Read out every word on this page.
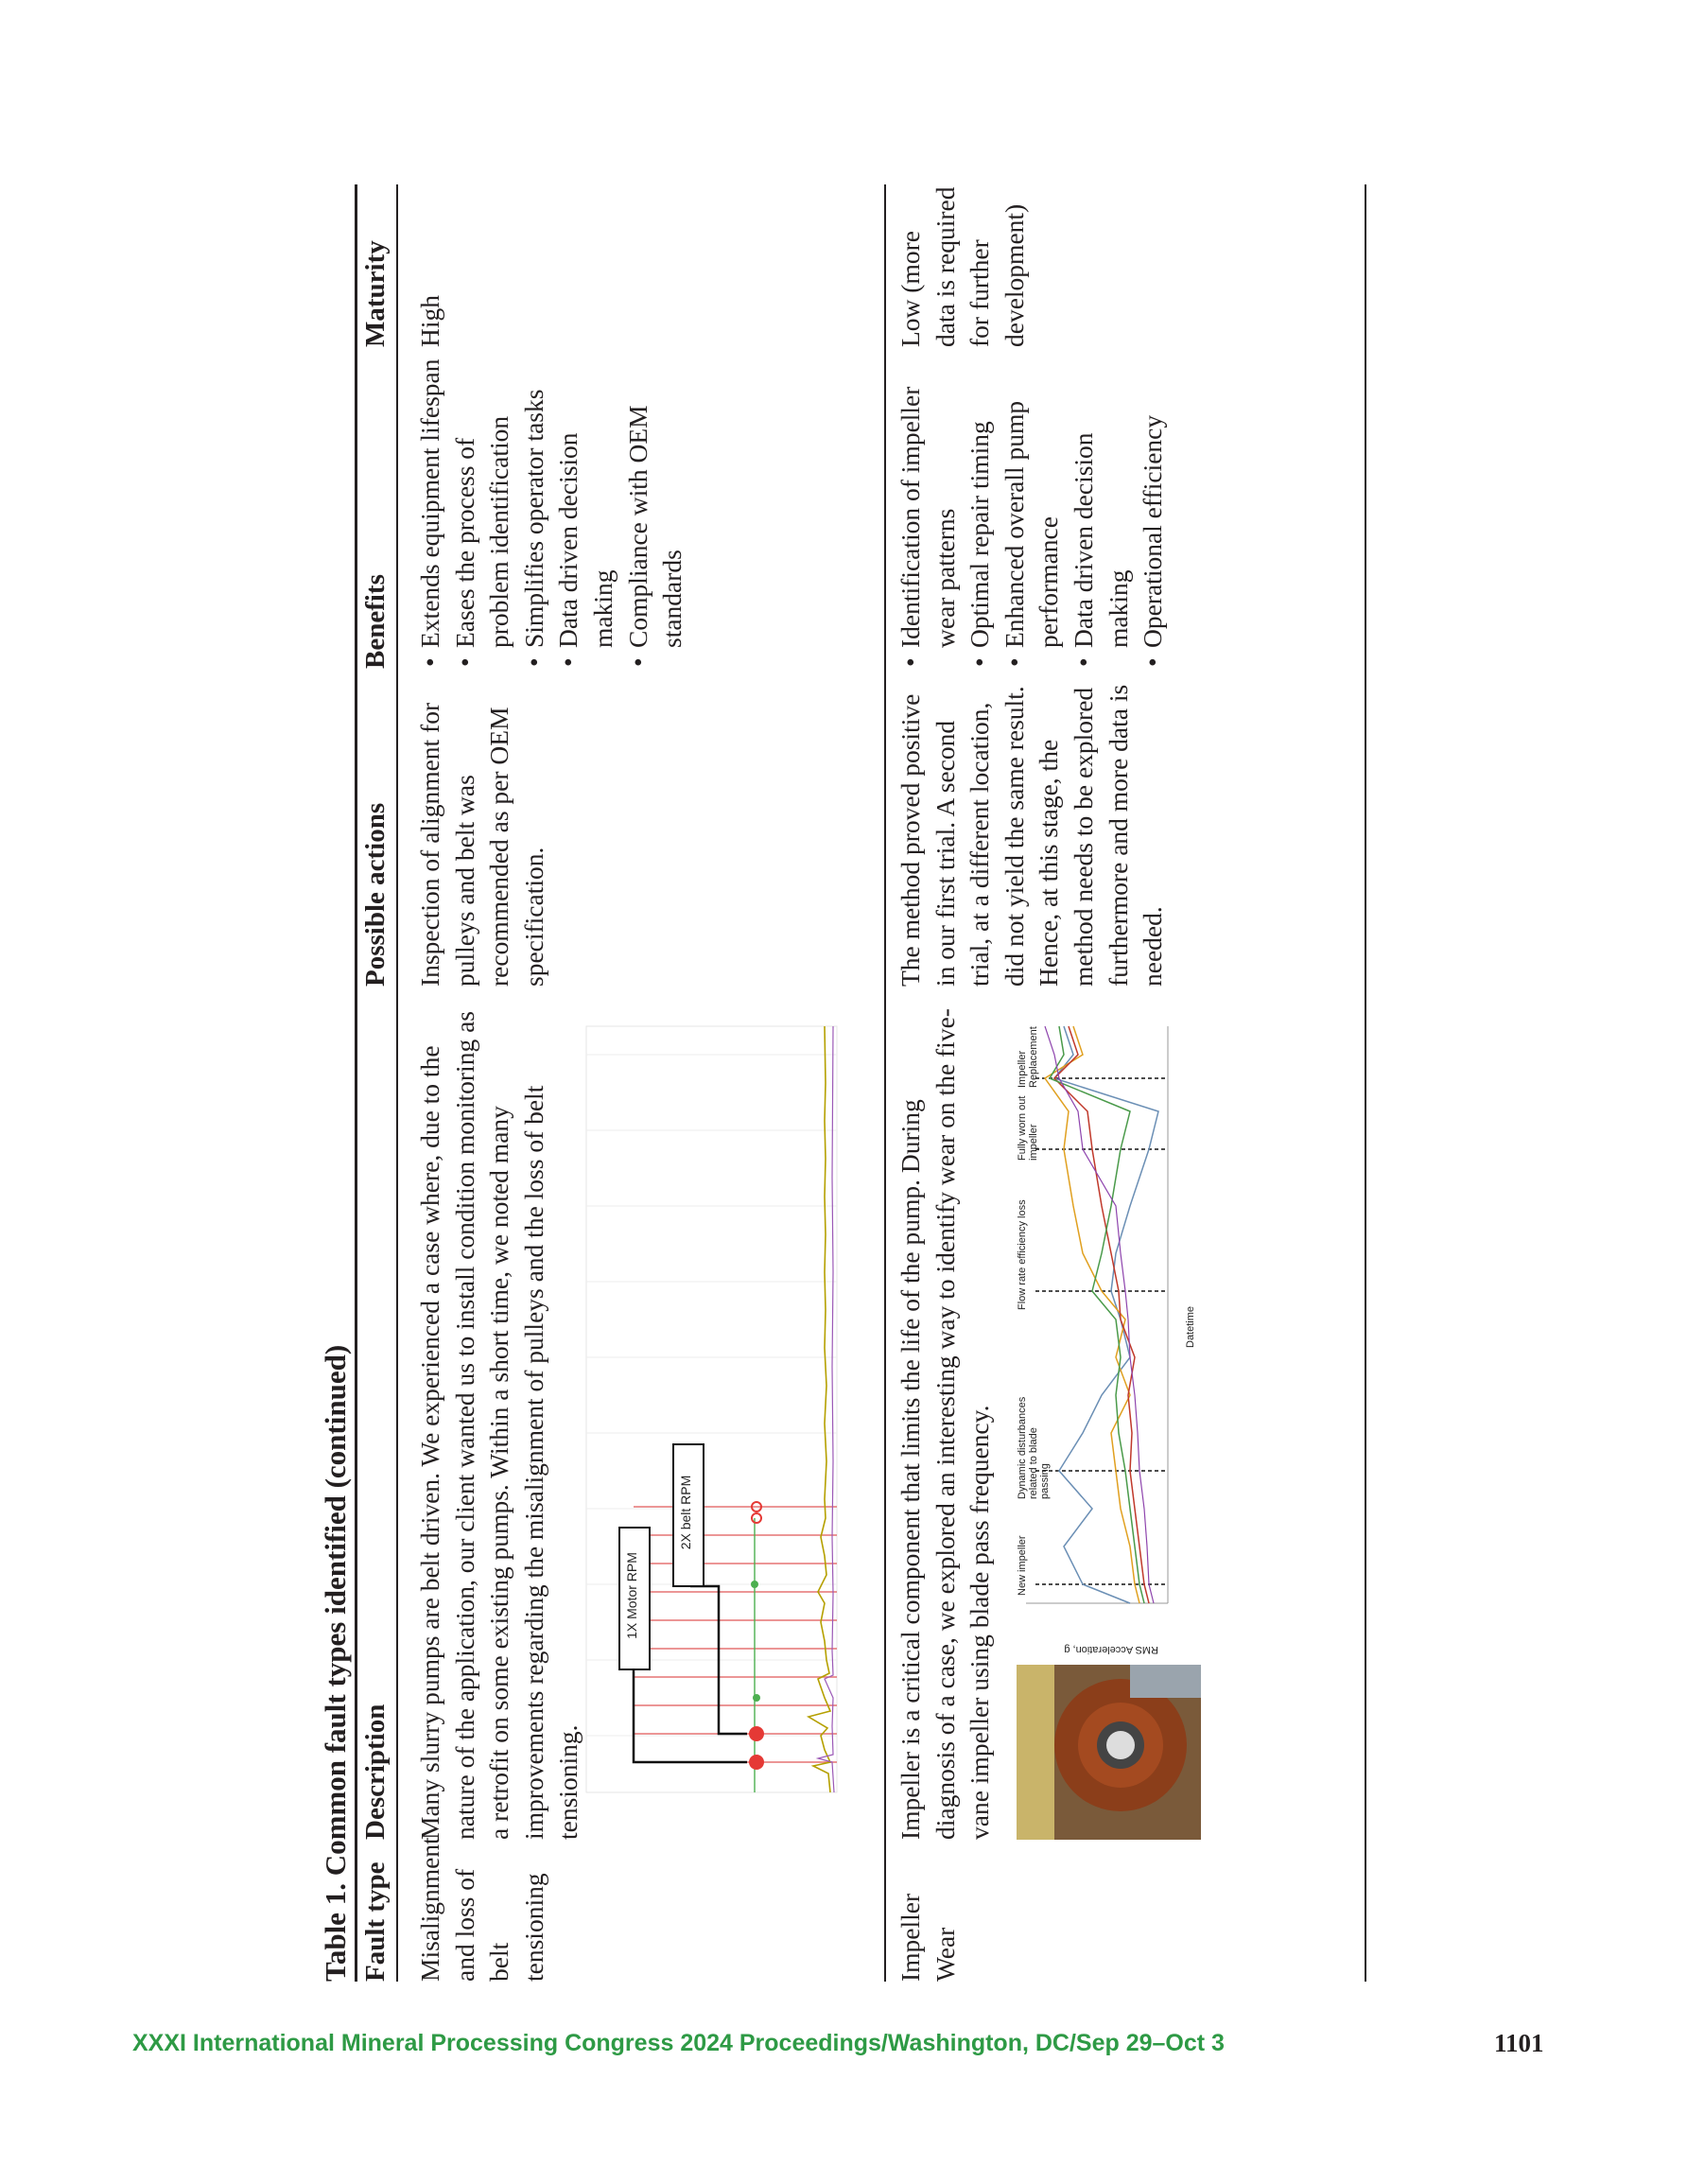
Table 1. Common fault types identified (continued) Fault type
Description
Possible actions
Benefits
Maturity
Misalignment and loss of belt tensioning
Many slurry pumps are belt driven. We experienced a case where, due to the nature of the application, our client wanted us to install condition monitoring as a retrofit on some existing pumps. Within a short time, we noted many improvements regarding the misalignment of pulleys and the loss of belt tensioning.
1X Motor RPM
2X belt RPM
Inspection of alignment for pulleys and belt was recommended as per OEM specification.
• Extends equipment lifespan • Eases the process of problem identification • Simplifies operator tasks • Data driven decision making • Compliance with OEM standards
High
Impeller Wear
Impeller is a critical component that limits the life of the pump. During diagnosis of a case, we explored an interesting way to identify wear on the five-vane impeller using blade pass frequency.	RMS Acceleration, g
Datetime
New impeller
Dynamic disturbances related to blade passing
Flow rate efficiency loss
Fully worn out impeller
Impeller Replacement
The method proved positive in our first trial. A second trial, at a different location, did not yield the same result. Hence, at this stage, the method needs to be explored furthermore and more data is needed.
• Identification of impeller wear patterns • Optimal repair timing • Enhanced overall pump performance • Data driven decision making • Operational efficiency
Low (more data is required for further development)
XXXI International Mineral Processing Congress 2024 Proceedings/Washington, DC/Sep 29–Oct 3	1101
